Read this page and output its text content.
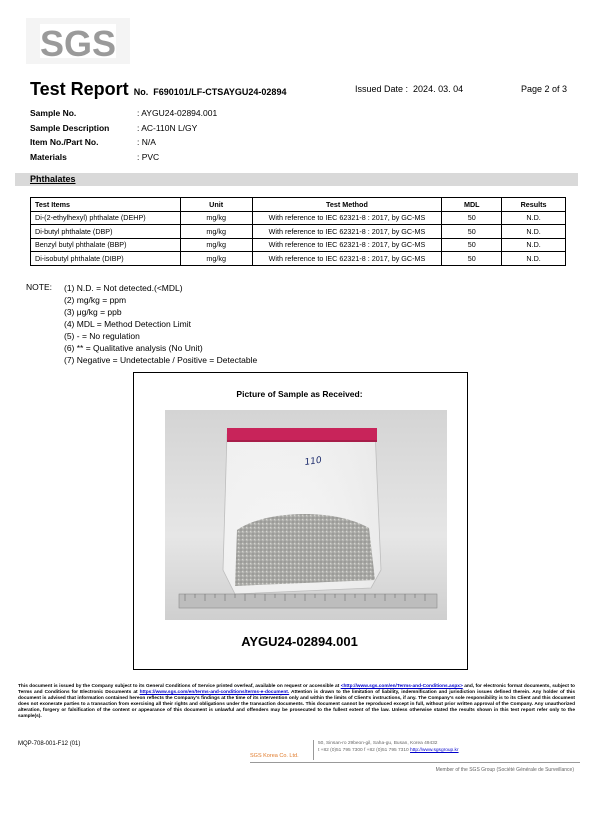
SGS
Test Report No. F690101/LF-CTSAYGU24-02894	Issued Date : 2024. 03. 04	Page 2 of 3
Sample No.	: AYGU24-02894.001
Sample Description	: AC-110N L/GY
Item No./Part No.	: N/A
Materials	: PVC
Phthalates
Test Items	Unit	Test Method	MDL	Results
Di-(2-ethylhexyl) phthalate (DEHP)	mg/kg	With reference to IEC 62321-8 : 2017, by GC-MS	50	N.D.
Di-butyl phthalate (DBP)	mg/kg	With reference to IEC 62321-8 : 2017, by GC-MS	50	N.D.
Benzyl butyl phthalate (BBP)	mg/kg	With reference to IEC 62321-8 : 2017, by GC-MS	50	N.D.
Di-isobutyl phthalate (DIBP)	mg/kg	With reference to IEC 62321-8 : 2017, by GC-MS	50	N.D.
NOTE: (1) N.D. = Not detected.(<MDL)
(2) mg/kg = ppm
(3) μg/kg = ppb
(4) MDL = Method Detection Limit
(5) - = No regulation
(6) ** = Qualitative analysis (No Unit)
(7) Negative = Undetectable / Positive = Detectable
Picture of Sample as Received:
110
AYGU24-02894.001
This document is issued by the Company subject to its General Conditions of Service printed overleaf, available on request or accessible at <http://www.sgs.com/en/Terms-and-Conditions.aspx> and, for electronic format documents, subject to Terms and Conditions for Electronic Documents at https://www.sgs.com/en/terms-and-conditions/terms-e-document. Attention is drawn to the limitation of liability, indemnification and jurisdiction issues defined therein. Any holder of this document is advised that information contained hereon reflects the Company's findings at the time of its intervention only and within the limits of Client's instructions, if any. The Company's sole responsibility is to its Client and this document does not exonerate parties to a transaction from exercising all their rights and obligations under the transaction documents. This document cannot be reproduced except in full, without prior written approval of the Company. Any unauthorized alteration, forgery or falsification of the content or appearance of this document is unlawful and offenders may be prosecuted to the fullest extent of the law. Unless otherwise stated the results shown in this test report refer only to the sample(s).
MQP-708-001-F12 (01)
SGS Korea Co. Ltd.
50, Sinsan-ro 29beon-gil, Saha-gu, Busan, Korea 49432
t +82 (0)51 795 7300 f +82 (0)51 795 7310 http://www.sgsgroup.kr
Member of the SGS Group (Société Générale de Surveillance)
